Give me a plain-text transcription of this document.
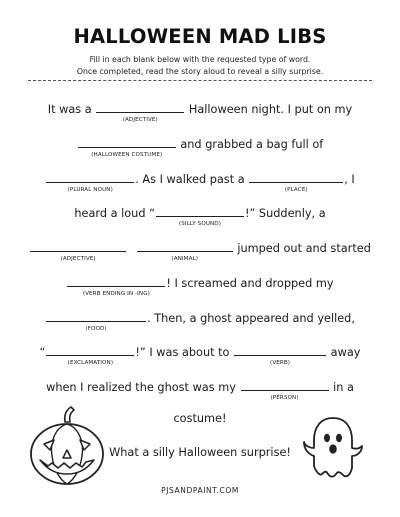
HALLOWEEN MAD LIBS
Fill in each blank below with the requested type of word.
Once completed, read the story aloud to reveal a silly surprise.
It was a
(ADJECTIVE)
Halloween night. I put on my
(HALLOWEEN COSTUME)
and grabbed a bag full of
(PLURAL NOUN)
. As I walked past a
(PLACE)
, I
heard a loud “
(SILLY SOUND)
!” Suddenly, a
(ADJECTIVE)
	(ANIMAL)
jumped out and started
(VERB ENDING IN -ING)
! I screamed and dropped my
(FOOD)
. Then, a ghost appeared and yelled,
“
(EXCLAMATION)
!” I was about to
(VERB)
away
when I realized the ghost was my
(PERSON)
in a
costume!
What a silly Halloween surprise!
PJSANDPAINT.COM
